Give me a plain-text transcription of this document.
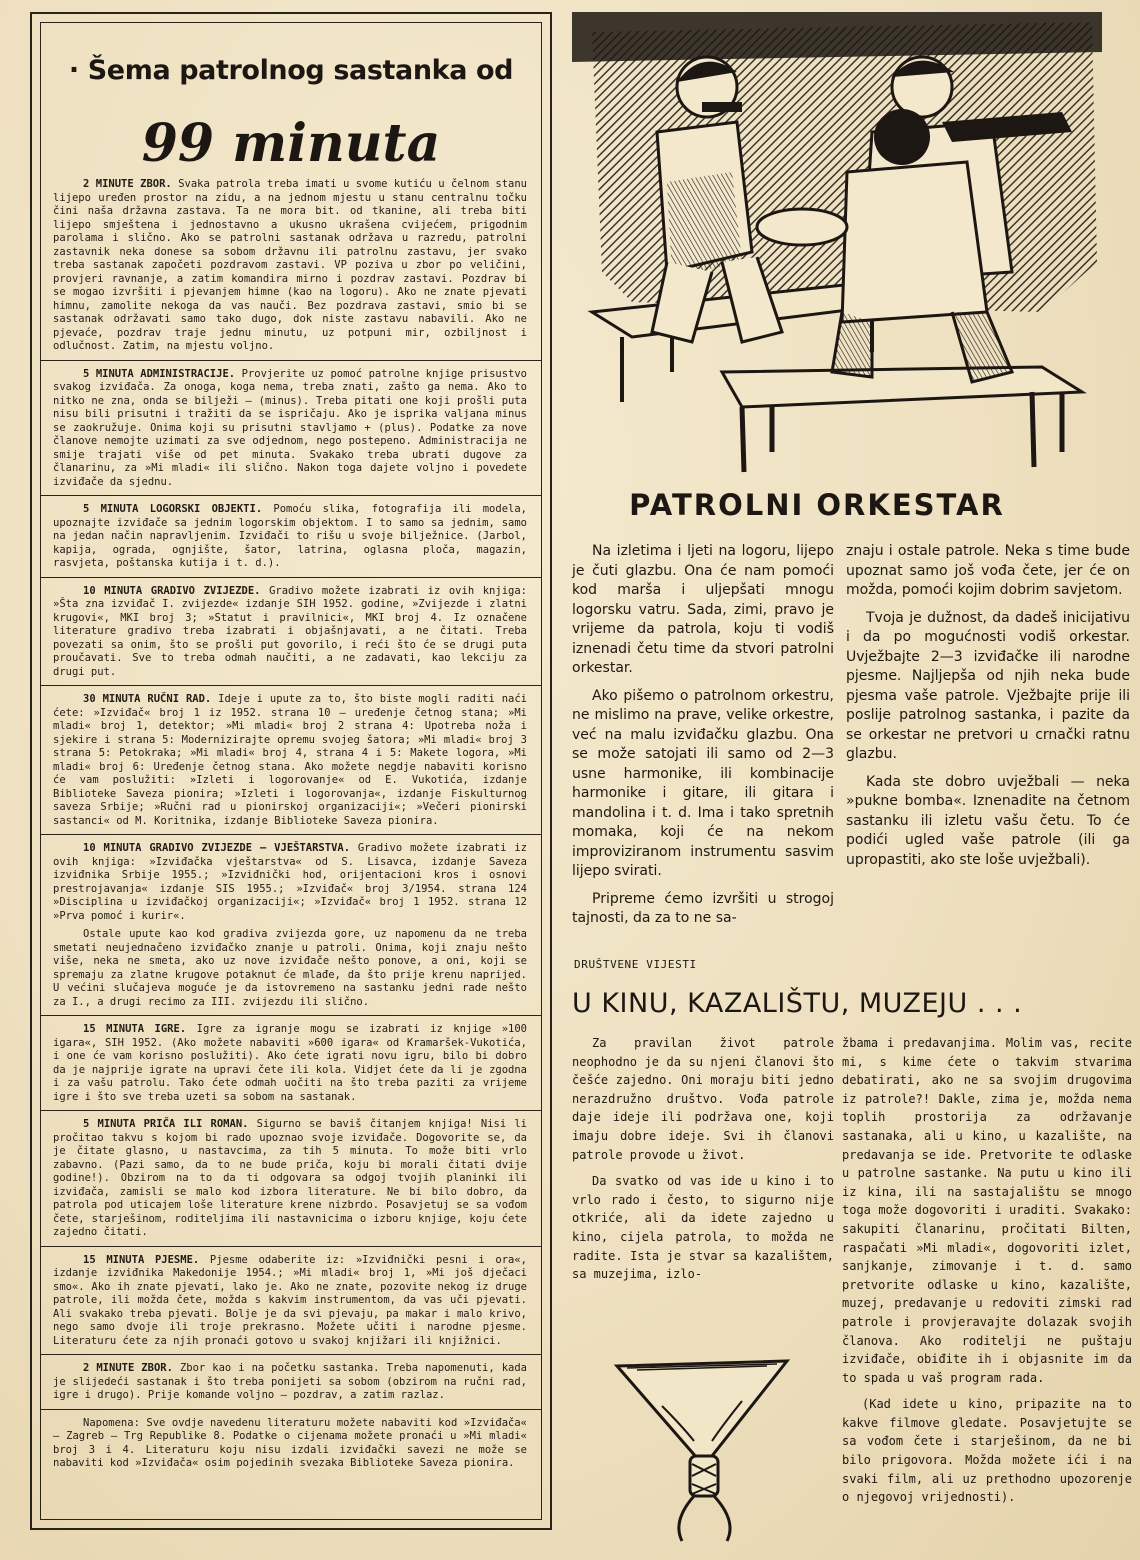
· Šema patrolnog sastanka od
99 minuta

2 MINUTE ZBOR. Svaka patrola treba imati u svome kutiću u čelnom stanu lijepo uređen prostor na zidu, a na jednom mjestu u stanu centralnu točku čini naša državna zastava. Ta ne mora bit. od tkanine, ali treba biti lijepo smještena i jednostavno a ukusno ukrašena cvijećem, prigodnim parolama i slično. Ako se patrolni sastanak održava u razredu, patrolni zastavnik neka donese sa sobom državnu ili patrolnu zastavu, jer svako treba sastanak započeti pozdravom zastavi. VP poziva u zbor po veličini, provjeri ravnanje, a zatim komandira mirno i pozdrav zastavi. Pozdrav bi se mogao izvršiti i pjevanjem himne (kao na logoru). Ako ne znate pjevati himnu, zamolite nekoga da vas nauči. Bez pozdrava zastavi, smio bi se sastanak održavati samo tako dugo, dok niste zastavu nabavili. Ako ne pjevaće, pozdrav traje jednu minutu, uz potpuni mir, ozbiljnost i odlučnost. Zatim, na mjestu voljno.

5 MINUTA ADMINISTRACIJE. Provjerite uz pomoć patrolne knjige prisustvo svakog izviđača. Za onoga, koga nema, treba znati, zašto ga nema. Ako to nitko ne zna, onda se bilježi — (minus). Treba pitati one koji prošli puta nisu bili prisutni i tražiti da se ispričaju. Ako je isprika valjana minus se zaokružuje. Onima koji su prisutni stavljamo + (plus). Podatke za nove članove nemojte uzimati za sve odjednom, nego postepeno. Administracija ne smije trajati više od pet minuta. Svakako treba ubrati dugove za članarinu, za »Mi mladi« ili slično. Nakon toga dajete voljno i povedete izviđače da sjednu.

5 MINUTA LOGORSKI OBJEKTI. Pomoću slika, fotografija ili modela, upoznajte izviđače sa jednim logorskim objektom. I to samo sa jednim, samo na jedan način napravljenim. Izviđači to rišu u svoje bilježnice. (Jarbol, kapija, ograda, ognjište, šator, latrina, oglasna ploča, magazin, rasvjeta, poštanska kutija i t. d.).

10 MINUTA GRADIVO ZVIJEZDE. Gradivo možete izabrati iz ovih knjiga: »Šta zna izviđač I. zvijezde« izdanje SIH 1952. godine, »Zvijezde i zlatni krugovi«, MKI broj 3; »Statut i pravilnici«, MKI broj 4. Iz označene literature gradivo treba izabrati i objašnjavati, a ne čitati. Treba povezati sa onim, što se prošli put govorilo, i reći što će se drugi puta proučavati. Sve to treba odmah naučiti, a ne zadavati, kao lekciju za drugi put.

30 MINUTA RUČNI RAD. Ideje i upute za to, što biste mogli raditi naći ćete: »Izviđač« broj 1 iz 1952. strana 10 — uređenje četnog stana; »Mi mladi« broj 1, detektor; »Mi mladi« broj 2 strana 4: Upotreba noža i sjekire i strana 5: Modernizirajte opremu svojeg šatora; »Mi mladi« broj 3 strana 5: Petokraka; »Mi mladi« broj 4, strana 4 i 5: Makete logora, »Mi mladi« broj 6: Uređenje četnog stana. Ako možete negdje nabaviti korisno će vam poslužiti: »Izleti i logorovanje« od E. Vukotića, izdanje Biblioteke Saveza pionira; »Izleti i logorovanja«, izdanje Fiskulturnog saveza Srbije; »Ručni rad u pionirskoj organizaciji«; »Večeri pionirski sastanci« od M. Koritnika, izdanje Biblioteke Saveza pionira.

10 MINUTA GRADIVO ZVIJEZDE — VJEŠTARSTVA. Gradivo možete izabrati iz ovih knjiga: »Izviđačka vještarstva« od S. Lisavca, izdanje Saveza izviđnika Srbije 1955.; »Izviđnički hod, orijentacioni kros i osnovi prestrojavanja« izdanje SIS 1955.; »Izviđač« broj 3/1954. strana 124 »Disciplina u izviđačkoj organizaciji«; »Izviđač« broj 1 1952. strana 12 »Prva pomoć i kurir«.

Ostale upute kao kod gradiva zvijezda gore, uz napomenu da ne treba smetati neujednačeno izviđačko znanje u patroli. Onima, koji znaju nešto više, neka ne smeta, ako uz nove izviđače nešto ponove, a oni, koji se spremaju za zlatne krugove potaknut će mlađe, da što prije krenu naprijed. U većini slučajeva moguće je da istovremeno na sastanku jedni rade nešto za I., a drugi recimo za III. zvijezdu ili slično.

15 MINUTA IGRE. Igre za igranje mogu se izabrati iz knjige »100 igara«, SIH 1952. (Ako možete nabaviti »600 igara« od Kramaršek-Vukotića, i one će vam korisno poslužiti). Ako ćete igrati novu igru, bilo bi dobro da je najprije igrate na upravi čete ili kola. Vidjet ćete da li je zgodna i za vašu patrolu. Tako ćete odmah uočiti na što treba paziti za vrijeme igre i što sve treba uzeti sa sobom na sastanak.

5 MINUTA PRIČA ILI ROMAN. Sigurno se baviš čitanjem knjiga! Nisi li pročitao takvu s kojom bi rado upoznao svoje izviđače. Dogovorite se, da je čitate glasno, u nastavcima, za tih 5 minuta. To može biti vrlo zabavno. (Pazi samo, da to ne bude priča, koju bi morali čitati dvije godine!). Obzirom na to da ti odgovara sa odgoj tvojih planinki ili izviđača, zamisli se malo kod izbora literature. Ne bi bilo dobro, da patrola pod uticajem loše literature krene nizbrdo. Posavjetuj se sa vođom čete, starješinom, roditeljima ili nastavnicima o izboru knjige, koju ćete zajedno čitati.

15 MINUTA PJESME. Pjesme odaberite iz: »Izviđnički pesni i ora«, izdanje izviđnika Makedonije 1954.; »Mi mladi« broj 1, »Mi još dječaci smo«. Ako ih znate pjevati, lako je. Ako ne znate, pozovite nekog iz druge patrole, ili možda čete, možda s kakvim instrumentom, da vas uči pjevati. Ali svakako treba pjevati. Bolje je da svi pjevaju, pa makar i malo krivo, nego samo dvoje ili troje prekrasno. Možete učiti i narodne pjesme. Literaturu ćete za njih pronaći gotovo u svakoj knjižari ili knjižnici.

2 MINUTE ZBOR. Zbor kao i na početku sastanka. Treba napomenuti, kada je slijedeći sastanak i što treba ponijeti sa sobom (obzirom na ručni rad, igre i drugo). Prije komande voljno — pozdrav, a zatim razlaz.

Napomena: Sve ovdje navedenu literaturu možete nabaviti kod »Izviđača« — Zagreb — Trg Republike 8. Podatke o cijenama možete pronaći u »Mi mladi« broj 3 i 4. Literaturu koju nisu izdali izviđački savezi ne može se nabaviti kod »Izviđača« osim pojedinih svezaka Biblioteke Saveza pionira.

PATROLNI ORKESTAR

Na izletima i ljeti na logoru, lijepo je čuti glazbu. Ona će nam pomoći kod marša i uljepšati mnogu logorsku vatru. Sada, zimi, pravo je vrijeme da patrola, koju ti vodiš iznenadi četu time da stvori patrolni orkestar.

Ako pišemo o patrolnom orkestru, ne mislimo na prave, velike orkestre, već na malu izviđačku glazbu. Ona se može satojati ili samo od 2—3 usne harmonike, ili kombinacije harmonike i gitare, ili gitara i mandolina i t. d. Ima i tako spretnih momaka, koji će na nekom improviziranom instrumentu sasvim lijepo svirati.

Pripreme ćemo izvršiti u strogoj tajnosti, da za to ne sa-

znaju i ostale patrole. Neka s time bude upoznat samo još vođa čete, jer će on možda, pomoći kojim dobrim savjetom.

Tvoja je dužnost, da dadeš inicijativu i da po mogućnosti vodiš orkestar. Uvježbajte 2—3 izviđačke ili narodne pjesme. Najljepša od njih neka bude pjesma vaše patrole. Vježbajte prije ili poslije patrolnog sastanka, i pazite da se orkestar ne pretvori u crnački ratnu glazbu.

Kada ste dobro uvježbali — neka »pukne bomba«. Iznenadite na četnom sastanku ili izletu vašu četu. To će podići ugled vaše patrole (ili ga upropastiti, ako ste loše uvježbali).

DRUŠTVENE VIJESTI

U KINU, KAZALIŠTU, MUZEJU . . .

Za pravilan život patrole neophodno je da su njeni članovi što češće zajedno. Oni moraju biti jedno nerazdružno društvo. Vođa patrole daje ideje ili podržava one, koji imaju dobre ideje. Svi ih članovi patrole provode u život.

Da svatko od vas ide u kino i to vrlo rado i često, to sigurno nije otkriće, ali da idete zajedno u kino, cijela patrola, to možda ne radite. Ista je stvar sa kazalištem, sa muzejima, izlo-

žbama i predavanjima. Molim vas, recite mi, s kime ćete o takvim stvarima debatirati, ako ne sa svojim drugovima iz patrole?! Dakle, zima je, možda nema toplih prostorija za održavanje sastanaka, ali u kino, u kazalište, na predavanja se ide. Pretvorite te odlaske u patrolne sastanke. Na putu u kino ili iz kina, ili na sastajalištu se mnogo toga može dogovoriti i uraditi. Svakako: sakupiti članarinu, pročitati Bilten, raspačati »Mi mladi«, dogovoriti izlet, sanjkanje, zimovanje i t. d. samo pretvorite odlaske u kino, kazalište, muzej, predavanje u redoviti zimski rad patrole i provjeravajte dolazak svojih članova. Ako roditelji ne puštaju izviđače, obiđite ih i objasnite im da to spada u vaš program rada.

(Kad idete u kino, pripazite na to kakve filmove gledate. Posavjetujte se sa vođom čete i starješinom, da ne bi bilo prigovora. Možda možete ići i na svaki film, ali uz prethodno upozorenje o njegovoj vrijednosti).
